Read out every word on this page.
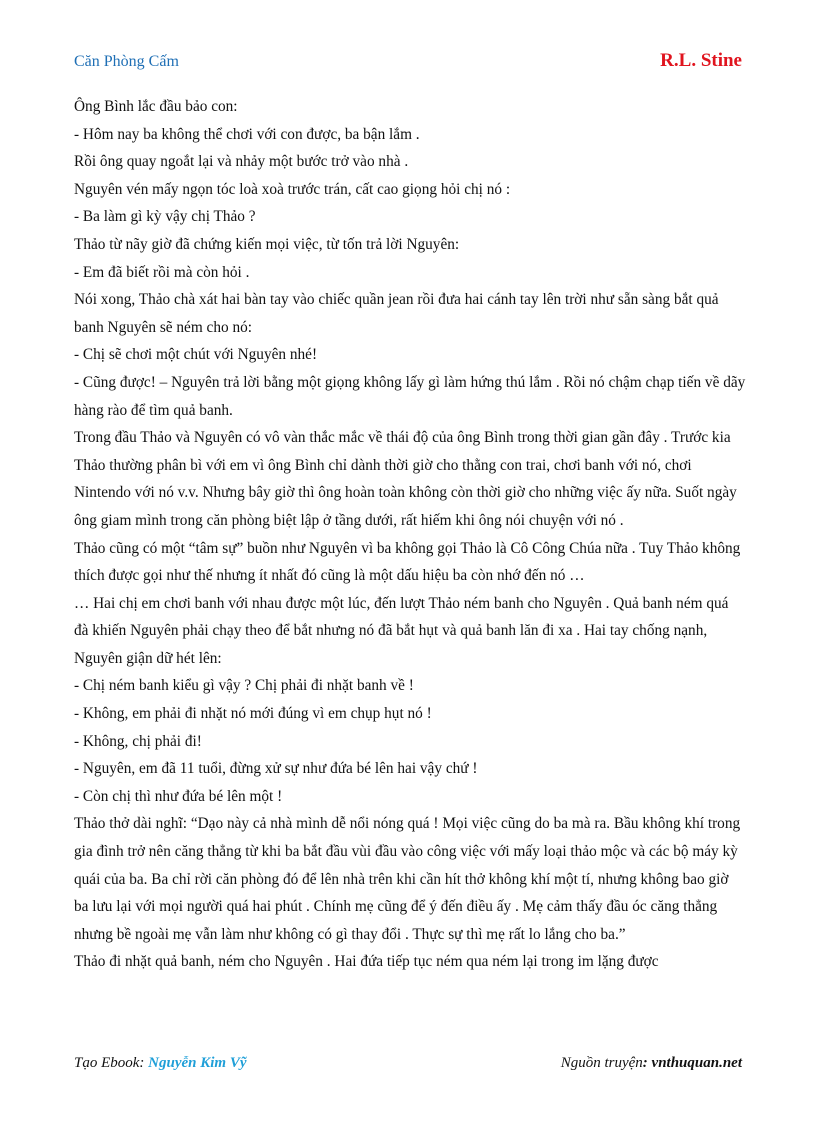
Căn Phòng Cấm	R.L. Stine

Ông Bình lắc đầu bảo con:

- Hôm nay ba không thể chơi với con được, ba bận lắm .

Rồi ông quay ngoắt lại và nhảy một bước trở vào nhà .

Nguyên vén mấy ngọn tóc loà xoà trước trán, cất cao giọng hỏi chị nó :

- Ba làm gì kỳ vậy chị Thảo ?

Thảo từ nãy giờ đã chứng kiến mọi việc, từ tốn trả lời Nguyên:

- Em đã biết rồi mà còn hỏi .

Nói xong, Thảo chà xát hai bàn tay vào chiếc quần jean rồi đưa hai cánh tay lên trời như sẵn sàng bắt quả banh Nguyên sẽ ném cho nó:

- Chị sẽ chơi một chút với Nguyên nhé!

- Cũng được! – Nguyên trả lời bằng một giọng không lấy gì làm hứng thú lắm . Rồi nó chậm chạp tiến về dãy hàng rào để tìm quả banh.

Trong đầu Thảo và Nguyên có vô vàn thắc mắc về thái độ của ông Bình trong thời gian gần đây . Trước kia Thảo thường phân bì với em vì ông Bình chỉ dành thời giờ cho thằng con trai, chơi banh với nó, chơi Nintendo với nó v.v. Nhưng bây giờ thì ông hoàn toàn không còn thời giờ cho những việc ấy nữa. Suốt ngày ông giam mình trong căn phòng biệt lập ở tầng dưới, rất hiếm khi ông nói chuyện với nó .

Thảo cũng có một “tâm sự” buồn như Nguyên vì ba không gọi Thảo là Cô Công Chúa nữa . Tuy Thảo không thích được gọi như thế nhưng ít nhất đó cũng là một dấu hiệu ba còn nhớ đến nó …

… Hai chị em chơi banh với nhau được một lúc, đến lượt Thảo ném banh cho Nguyên . Quả banh ném quá đà khiến Nguyên phải chạy theo để bắt nhưng nó đã bắt hụt và quả banh lăn đi xa . Hai tay chống nạnh, Nguyên giận dữ hét lên:

- Chị ném banh kiểu gì vậy ? Chị phải đi nhặt banh về !

- Không, em phải đi nhặt nó mới đúng vì em chụp hụt nó !

- Không, chị phải đi!

- Nguyên, em đã 11 tuổi, đừng xử sự như đứa bé lên hai vậy chứ !

- Còn chị thì như đứa bé lên một !

Thảo thở dài nghĩ: “Dạo này cả nhà mình dễ nổi nóng quá ! Mọi việc cũng do ba mà ra. Bầu không khí trong gia đình trở nên căng thẳng từ khi ba bắt đầu vùi đầu vào công việc với mấy loại thảo mộc và các bộ máy kỳ quái của ba. Ba chỉ rời căn phòng đó để lên nhà trên khi cần hít thở không khí một tí, nhưng không bao giờ ba lưu lại với mọi người quá hai phút . Chính mẹ cũng để ý đến điều ấy . Mẹ cảm thấy đầu óc căng thẳng nhưng bề ngoài mẹ vẫn làm như không có gì thay đổi . Thực sự thì mẹ rất lo lắng cho ba.”

Thảo đi nhặt quả banh, ném cho Nguyên . Hai đứa tiếp tục ném qua ném lại trong im lặng được

Tạo Ebook: Nguyễn Kim Vỹ	Nguồn truyện: vnthuquan.net
